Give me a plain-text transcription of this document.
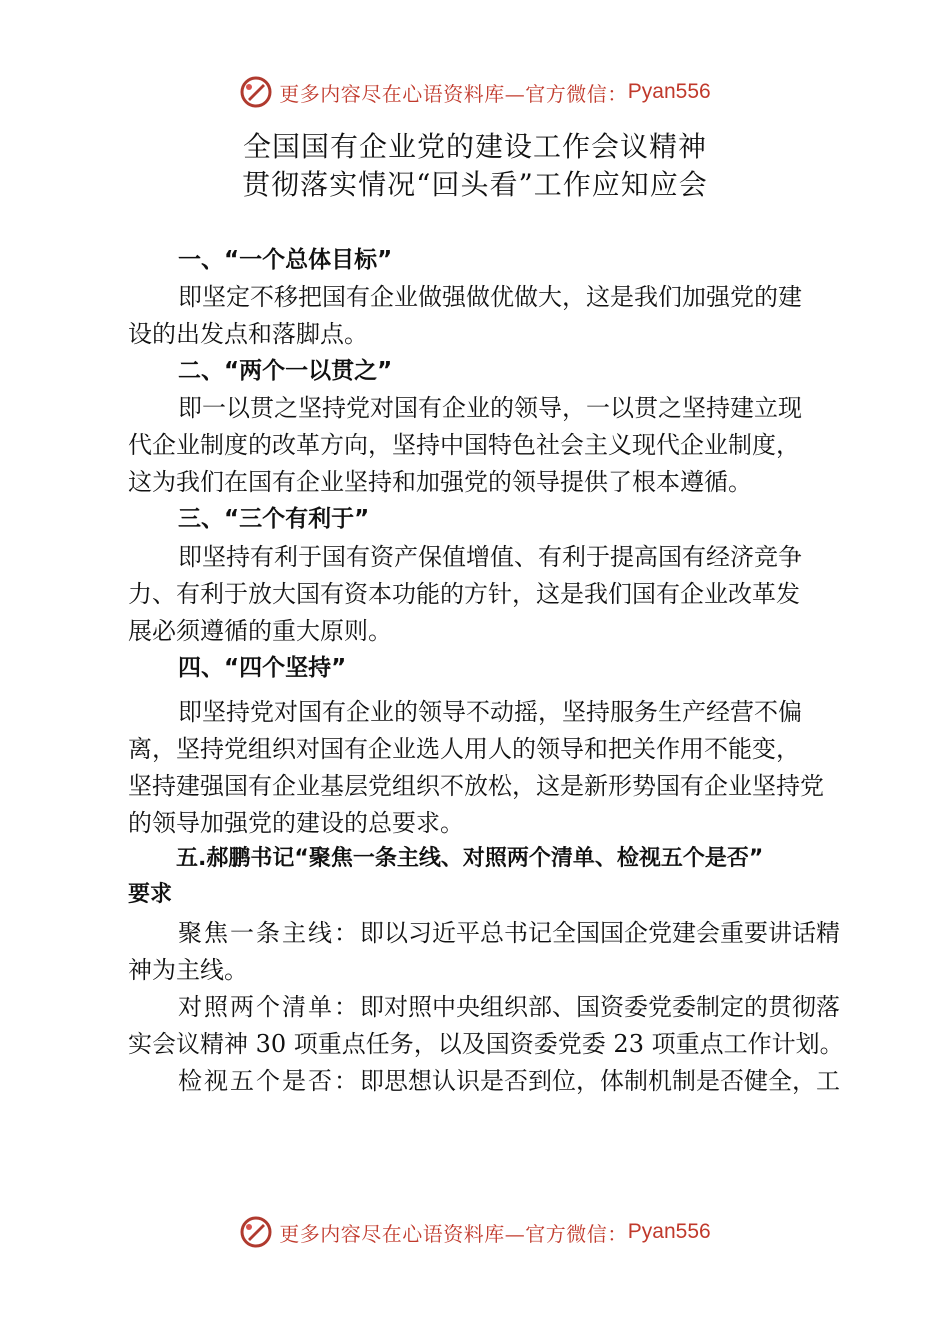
更多内容尽在心语资料库—官方微信： Pyan556
全国国有企业党的建设工作会议精神
贯彻落实情况“回头看”工作应知应会
一、“一个总体目标”
即坚定不移把国有企业做强做优做大，这是我们加强党的建
设的出发点和落脚点。
二、“两个一以贯之”
即一以贯之坚持党对国有企业的领导，一以贯之坚持建立现
代企业制度的改革方向，坚持中国特色社会主义现代企业制度，
这为我们在国有企业坚持和加强党的领导提供了根本遵循。
三、“三个有利于”
即坚持有利于国有资产保值增值、有利于提高国有经济竞争
力、有利于放大国有资本功能的方针，这是我们国有企业改革发
展必须遵循的重大原则。
四、“四个坚持”
即坚持党对国有企业的领导不动摇，坚持服务生产经营不偏
离，坚持党组织对国有企业选人用人的领导和把关作用不能变，
坚持建强国有企业基层党组织不放松，这是新形势国有企业坚持党
的领导加强党的建设的总要求。
五.郝鹏书记“聚焦一条主线、对照两个清单、检视五个是否”
要求
聚焦一条主线：即以习近平总书记全国国企党建会重要讲话精
神为主线。
对照两个清单：即对照中央组织部、国资委党委制定的贯彻落
实会议精神 30 项重点任务，以及国资委党委 23 项重点工作计划。
检视五个是否：即思想认识是否到位，体制机制是否健全，工
更多内容尽在心语资料库—官方微信： Pyan556
